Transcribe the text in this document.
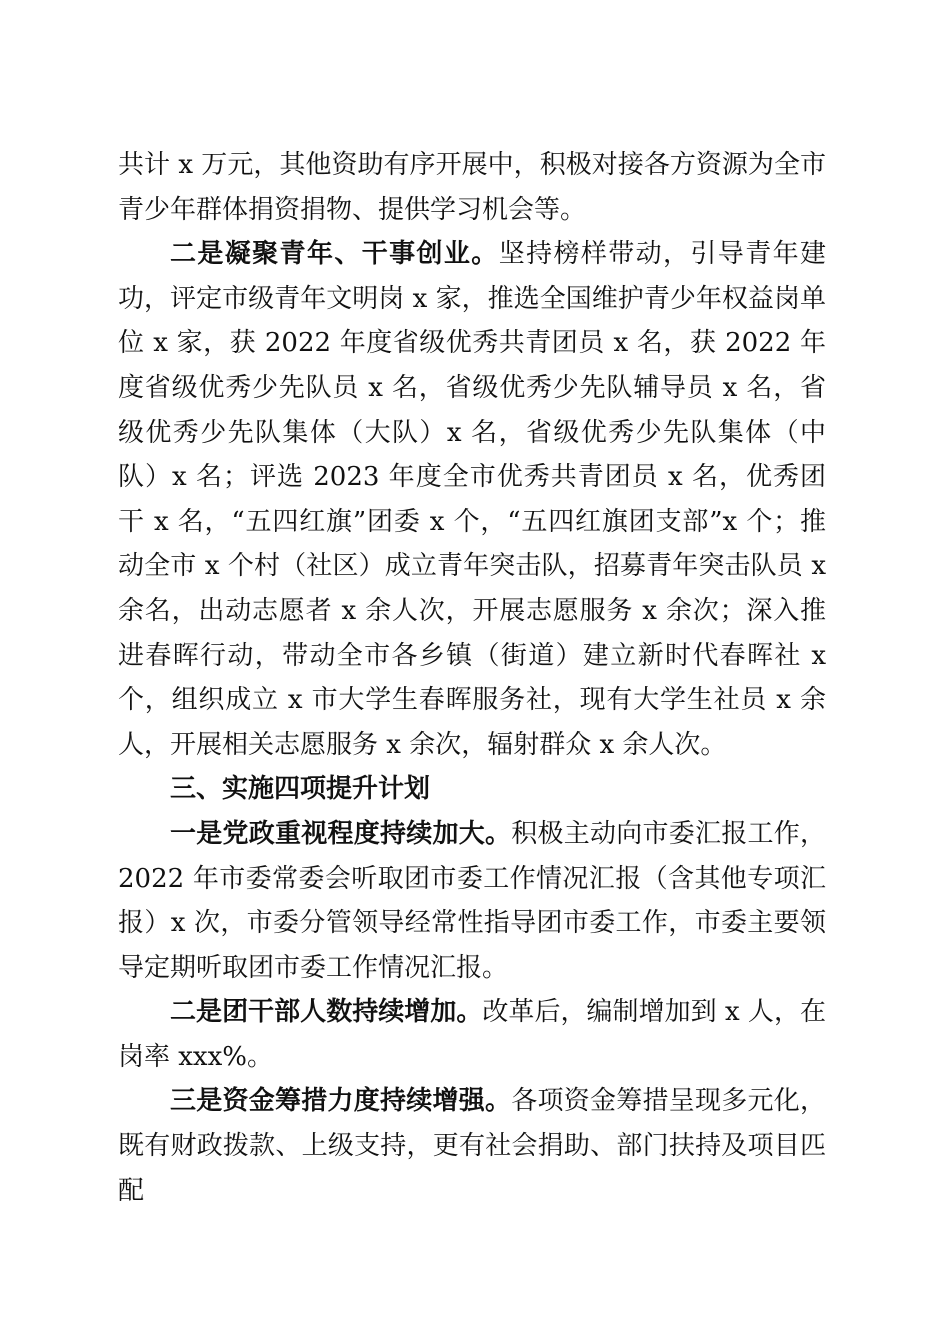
共计 x 万元，其他资助有序开展中，积极对接各方资源为全市青少年群体捐资捐物、提供学习机会等。

二是凝聚青年、干事创业。坚持榜样带动，引导青年建功，评定市级青年文明岗 x 家，推选全国维护青少年权益岗单位 x 家，获 2022 年度省级优秀共青团员 x 名，获 2022 年度省级优秀少先队员 x 名，省级优秀少先队辅导员 x 名，省级优秀少先队集体（大队）x 名，省级优秀少先队集体（中队）x 名；评选 2023 年度全市优秀共青团员 x 名，优秀团干 x 名，“五四红旗”团委 x 个，“五四红旗团支部”x 个；推动全市 x 个村（社区）成立青年突击队，招募青年突击队员 x 余名，出动志愿者 x 余人次，开展志愿服务 x 余次；深入推进春晖行动，带动全市各乡镇（街道）建立新时代春晖社 x 个，组织成立 x 市大学生春晖服务社，现有大学生社员 x 余人，开展相关志愿服务 x 余次，辐射群众 x 余人次。

三、实施四项提升计划

一是党政重视程度持续加大。积极主动向市委汇报工作，2022 年市委常委会听取团市委工作情况汇报（含其他专项汇报）x 次，市委分管领导经常性指导团市委工作，市委主要领导定期听取团市委工作情况汇报。

二是团干部人数持续增加。改革后，编制增加到 x 人，在岗率 xxx%。

三是资金筹措力度持续增强。各项资金筹措呈现多元化，既有财政拨款、上级支持，更有社会捐助、部门扶持及项目匹配
